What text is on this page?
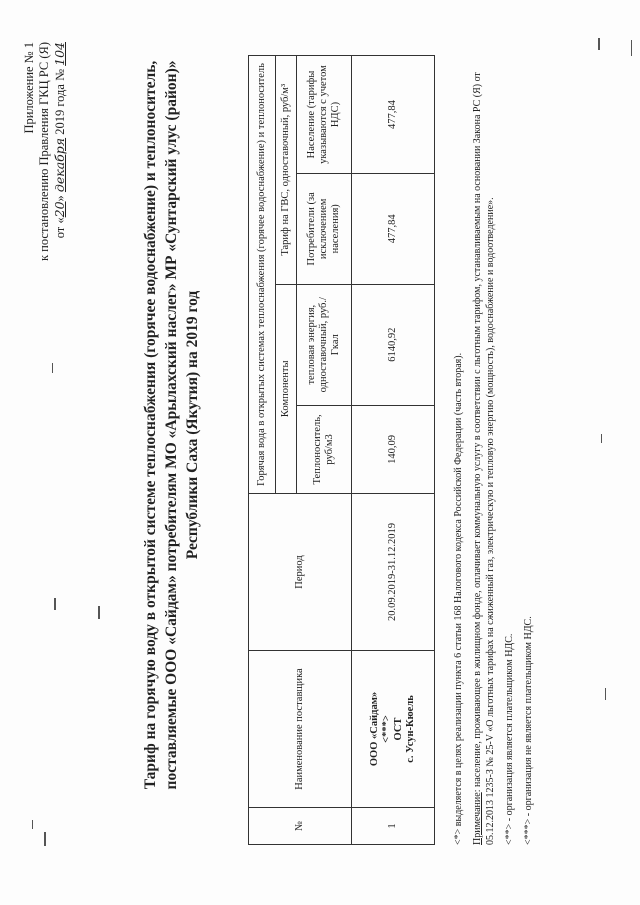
Приложение № 1 к постановлению Правления ГКЦ РС (Я) от «20» декабря 2019 года № 104
Тариф на горячую воду в открытой системе теплоснабжения (горячее водоснабжение) и теплоноситель, поставляемые ООО «Сайдам» потребителям МО «Арылахский наслег» МР «Сунтарский улус (район)» Республики Саха (Якутия) на 2019 год
№	Наименование поставщика	Период	Горячая вода в открытых системах теплоснабжения (горячее водоснабжение) и теплоноситель			
			Компоненты		Тариф на ГВС, одноставочный, руб/м³	
			Теплоноситель, руб/м3	тепловая энергия, одноставочный, руб./Гкал	Потребители (за исключением населения)	Население (тарифы указываются с учетом НДС)
1	ООО «Сайдам» <***> ОСТ с. Усун-Кюель	20.09.2019-31.12.2019	140,09	6140,92	477,84	477,84

<*> выделяется в целях реализации пункта 6 статьи 168 Налогового кодекса Российской Федерации (часть вторая). Примечание: население, проживающее в жилищном фонде, оплачивает коммунальную услугу в соответствии с льготным тарифом, устанавливаемым на основании Закона РС (Я) от 05.12.2013 1235-З № 25-V «О льготных тарифах на сжиженный газ, электрическую и тепловую энергию (мощность), водоснабжение и водоотведение». <**> - организация является плательщиком НДС. <***> - организация не является плательщиком НДС.
